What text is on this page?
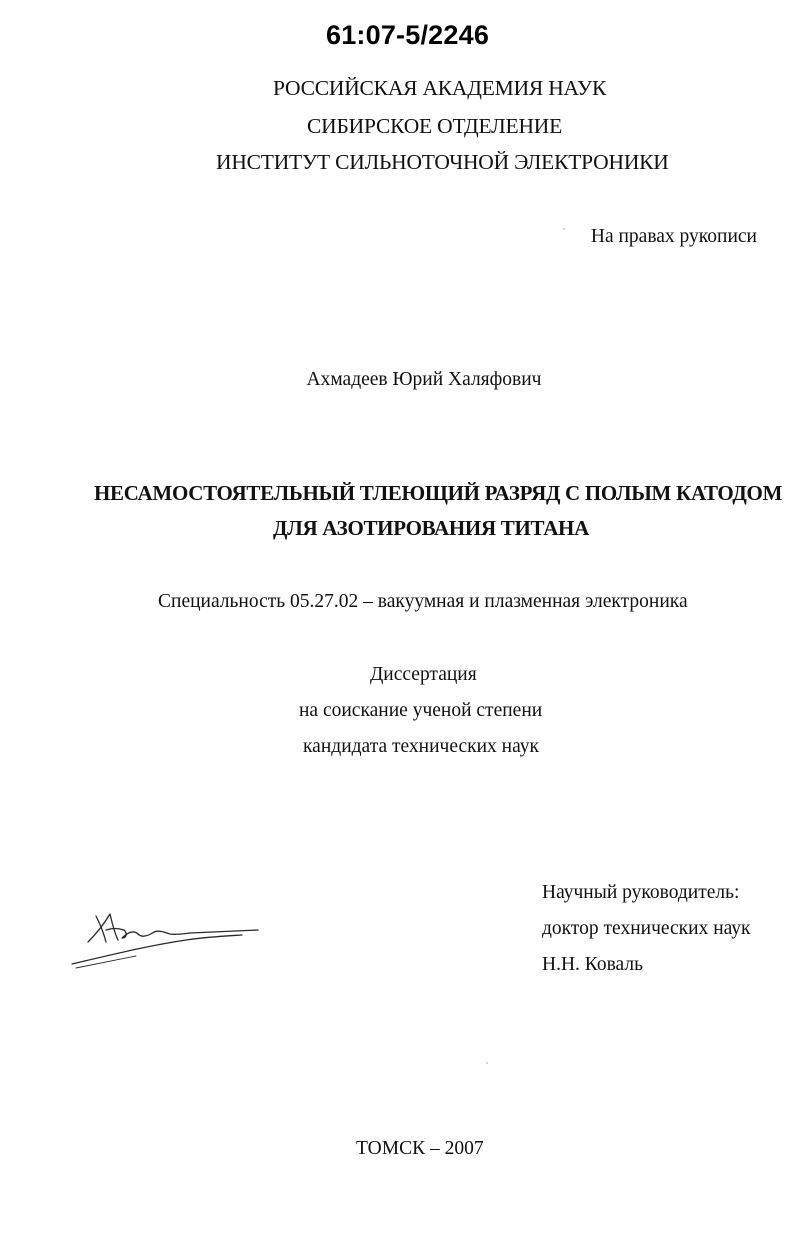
61:07-5/2246
РОССИЙСКАЯ АКАДЕМИЯ НАУК
СИБИРСКОЕ ОТДЕЛЕНИЕ
ИНСТИТУТ СИЛЬНОТОЧНОЙ ЭЛЕКТРОНИКИ
На правах рукописи
Ахмадеев Юрий Халяфович
НЕСАМОСТОЯТЕЛЬНЫЙ ТЛЕЮЩИЙ РАЗРЯД С ПОЛЫМ КАТОДОМ
ДЛЯ АЗОТИРОВАНИЯ ТИТАНА
Специальность 05.27.02 – вакуумная и плазменная электроника
Диссертация
на соискание ученой степени
кандидата технических наук
Научный руководитель:
доктор технических наук
Н.Н. Коваль
ТОМСК – 2007
